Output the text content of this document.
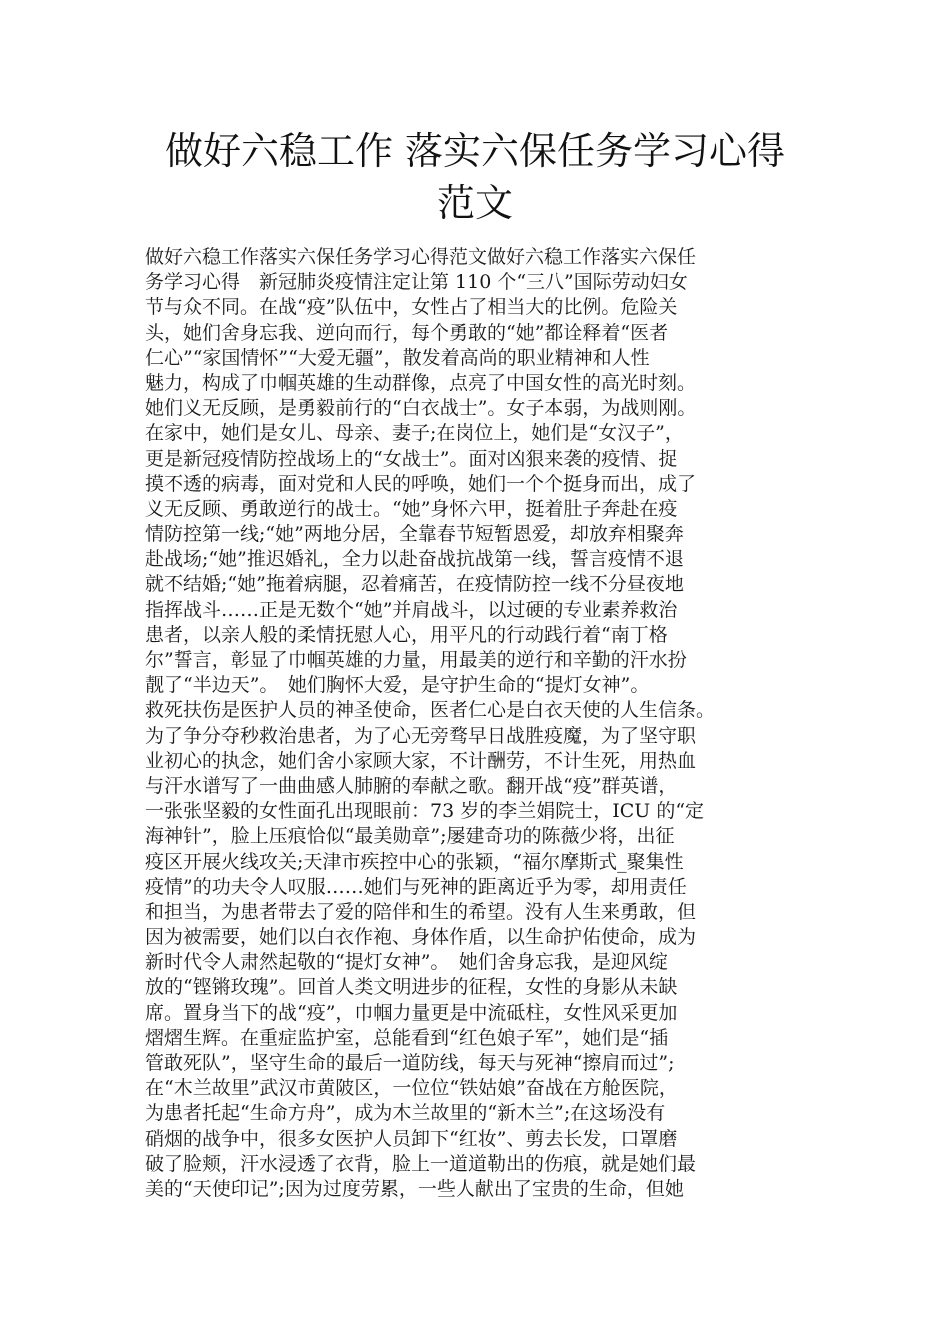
做好六稳工作 落实六保任务学习心得
范文
做好六稳工作落实六保任务学习心得范文做好六稳工作落实六保任
务学习心得　新冠肺炎疫情注定让第 110 个“三八”国际劳动妇女
节与众不同。在战“疫”队伍中，女性占了相当大的比例。危险关
头，她们舍身忘我、逆向而行，每个勇敢的“她”都诠释着“医者
仁心”“家国情怀”“大爱无疆”，散发着高尚的职业精神和人性
魅力，构成了巾帼英雄的生动群像，点亮了中国女性的高光时刻。
她们义无反顾，是勇毅前行的“白衣战士”。女子本弱，为战则刚。
在家中，她们是女儿、母亲、妻子;在岗位上，她们是“女汉子”，
更是新冠疫情防控战场上的“女战士”。面对凶狠来袭的疫情、捉
摸不透的病毒，面对党和人民的呼唤，她们一个个挺身而出，成了
义无反顾、勇敢逆行的战士。“她”身怀六甲，挺着肚子奔赴在疫
情防控第一线;“她”两地分居，全靠春节短暂恩爱，却放弃相聚奔
赴战场;“她”推迟婚礼，全力以赴奋战抗战第一线，誓言疫情不退
就不结婚;“她”拖着病腿，忍着痛苦，在疫情防控一线不分昼夜地
指挥战斗……正是无数个“她”并肩战斗，以过硬的专业素养救治
患者，以亲人般的柔情抚慰人心，用平凡的行动践行着“南丁格
尔”誓言，彰显了巾帼英雄的力量，用最美的逆行和辛勤的汗水扮
靓了“半边天”。　她们胸怀大爱，是守护生命的“提灯女神”。
救死扶伤是医护人员的神圣使命，医者仁心是白衣天使的人生信条。
为了争分夺秒救治患者，为了心无旁骛早日战胜疫魔，为了坚守职
业初心的执念，她们舍小家顾大家，不计酬劳，不计生死，用热血
与汗水谱写了一曲曲感人肺腑的奉献之歌。翻开战“疫”群英谱，
一张张坚毅的女性面孔出现眼前：73 岁的李兰娟院士，ICU 的“定
海神针”，脸上压痕恰似“最美勋章”;屡建奇功的陈薇少将，出征
疫区开展火线攻关;天津市疾控中心的张颖，“福尔摩斯式_聚集性
疫情”的功夫令人叹服……她们与死神的距离近乎为零，却用责任
和担当，为患者带去了爱的陪伴和生的希望。没有人生来勇敢，但
因为被需要，她们以白衣作袍、身体作盾，以生命护佑使命，成为
新时代令人肃然起敬的“提灯女神”。　她们舍身忘我，是迎风绽
放的“铿锵玫瑰”。回首人类文明进步的征程，女性的身影从未缺
席。置身当下的战“疫”，巾帼力量更是中流砥柱，女性风采更加
熠熠生辉。在重症监护室，总能看到“红色娘子军”，她们是“插
管敢死队”，坚守生命的最后一道防线，每天与死神“擦肩而过”;
在“木兰故里”武汉市黄陂区，一位位“铁姑娘”奋战在方舱医院，
为患者托起“生命方舟”，成为木兰故里的“新木兰”;在这场没有
硝烟的战争中，很多女医护人员卸下“红妆”、剪去长发，口罩磨
破了脸颊，汗水浸透了衣背，脸上一道道勒出的伤痕，就是她们最
美的“天使印记”;因为过度劳累，一些人献出了宝贵的生命，但她
